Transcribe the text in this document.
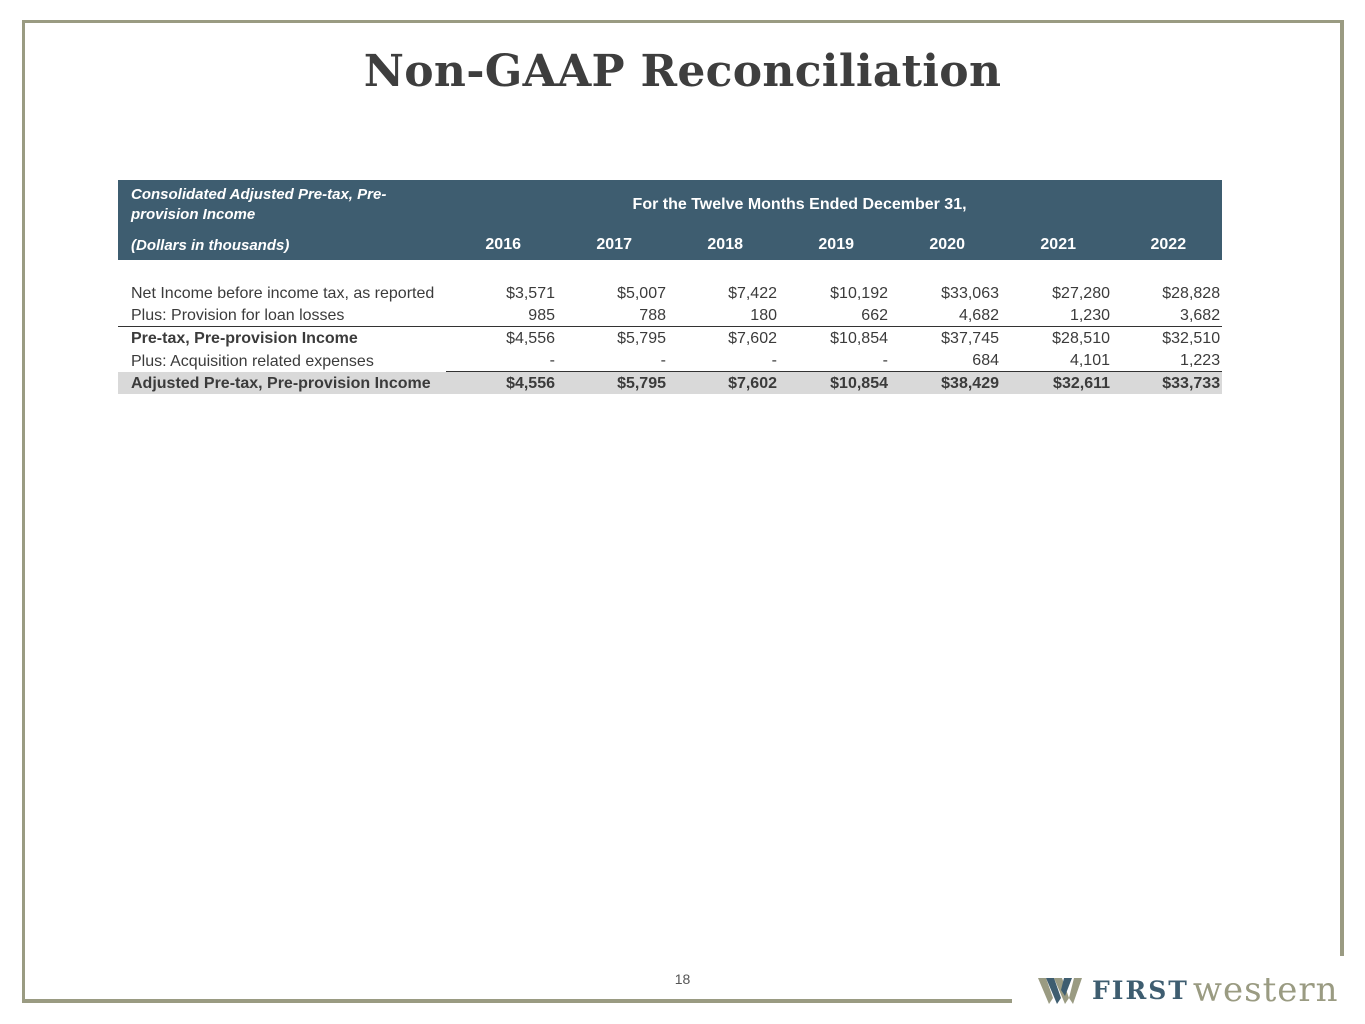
Non-GAAP Reconciliation
Consolidated Adjusted Pre-tax, Pre-provision Income	For the Twelve Months Ended December 31,						
(Dollars in thousands)	2016	2017	2018	2019	2020	2021	2022
Net Income before income tax, as reported	$3,571	$5,007	$7,422	$10,192	$33,063	$27,280	$28,828
Plus: Provision for loan losses	985	788	180	662	4,682	1,230	3,682
Pre-tax, Pre-provision Income	$4,556	$5,795	$7,602	$10,854	$37,745	$28,510	$32,510
Plus: Acquisition related expenses	-	-	-	-	684	4,101	1,223
Adjusted Pre-tax, Pre-provision Income	$4,556	$5,795	$7,602	$10,854	$38,429	$32,611	$33,733
18	FIRST western
